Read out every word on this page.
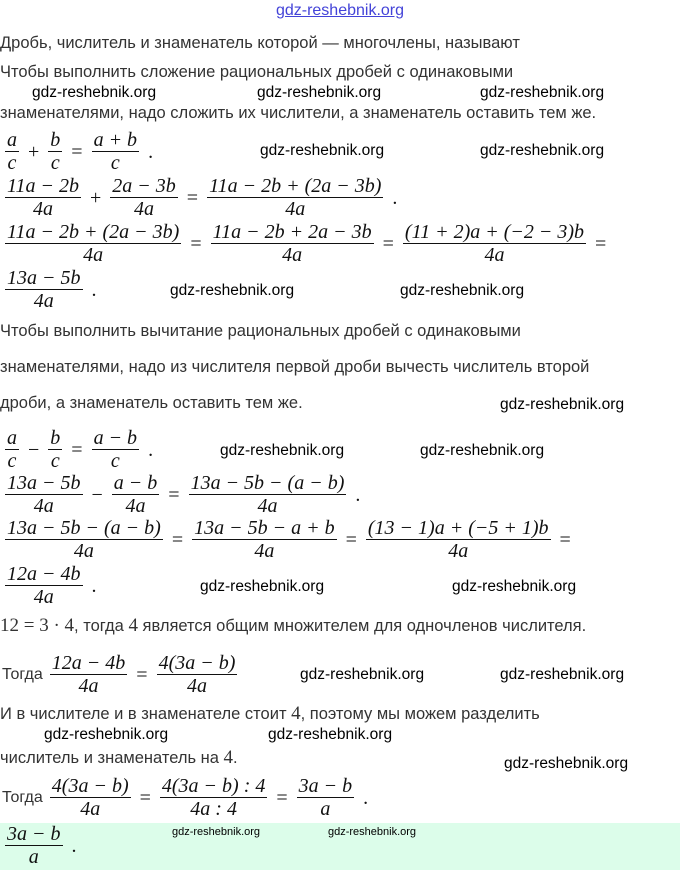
gdz-reshebnik.org
Дробь, числитель и знаменатель которой — многочлены, называют
Чтобы выполнить сложение рациональных дробей с одинаковыми
знаменателями, надо сложить их числители, а знаменатель оставить тем же.
Чтобы выполнить вычитание рациональных дробей с одинаковыми
знаменателями, надо из числителя первой дроби вычесть числитель второй
дроби, а знаменатель оставить тем же.
12 = 3 · 4, тогда 4 является общим множителем для одночленов числителя.
И в числителе и в знаменателе стоит 4, поэтому мы можем разделить
числитель и знаменатель на 4.
$\frac{a}{c} + \frac{b}{c} = \frac{a + b}{c}$ .
$\frac{11a - 2b}{4a} + \frac{2a - 3b}{4a} = \frac{11a - 2b + (2a - 3b)}{4a}$ .
$\frac{11a - 2b + (2a - 3b)}{4a} = \frac{11a - 2b + 2a - 3b}{4a} = \frac{(11 + 2)a + (-2 - 3)b}{4a}$ =
$\frac{13a - 5b}{4a}$ .
$\frac{a}{c} - \frac{b}{c} = \frac{a - b}{c}$ .
$\frac{13a - 5b}{4a} - \frac{a - b}{4a} = \frac{13a - 5b - (a - b)}{4a}$ .
$\frac{13a - 5b - (a - b)}{4a} = \frac{13a - 5b - a + b}{4a} = \frac{(13 - 1)a + (-5 + 1)b}{4a}$ =
$\frac{12a - 4b}{4a}$ .
Тогда $\frac{12a - 4b}{4a} = \frac{4(3a - b)}{4a}$
Тогда $\frac{4(3a - b)}{4a} = \frac{4(3a - b) : 4}{4a : 4} = \frac{3a - b}{a}$ .
$\frac{3a - b}{a}$ .
gdz-reshebnik.org	gdz-reshebnik.org	gdz-reshebnik.org
gdz-reshebnik.org	gdz-reshebnik.org
gdz-reshebnik.org	gdz-reshebnik.org
gdz-reshebnik.org
gdz-reshebnik.org
gdz-reshebnik.org
gdz-reshebnik.org	gdz-reshebnik.org
gdz-reshebnik.org	gdz-reshebnik.org
gdz-reshebnik.org	gdz-reshebnik.org
gdz-reshebnik.org
gdz-reshebnik.org	gdz-reshebnik.org
